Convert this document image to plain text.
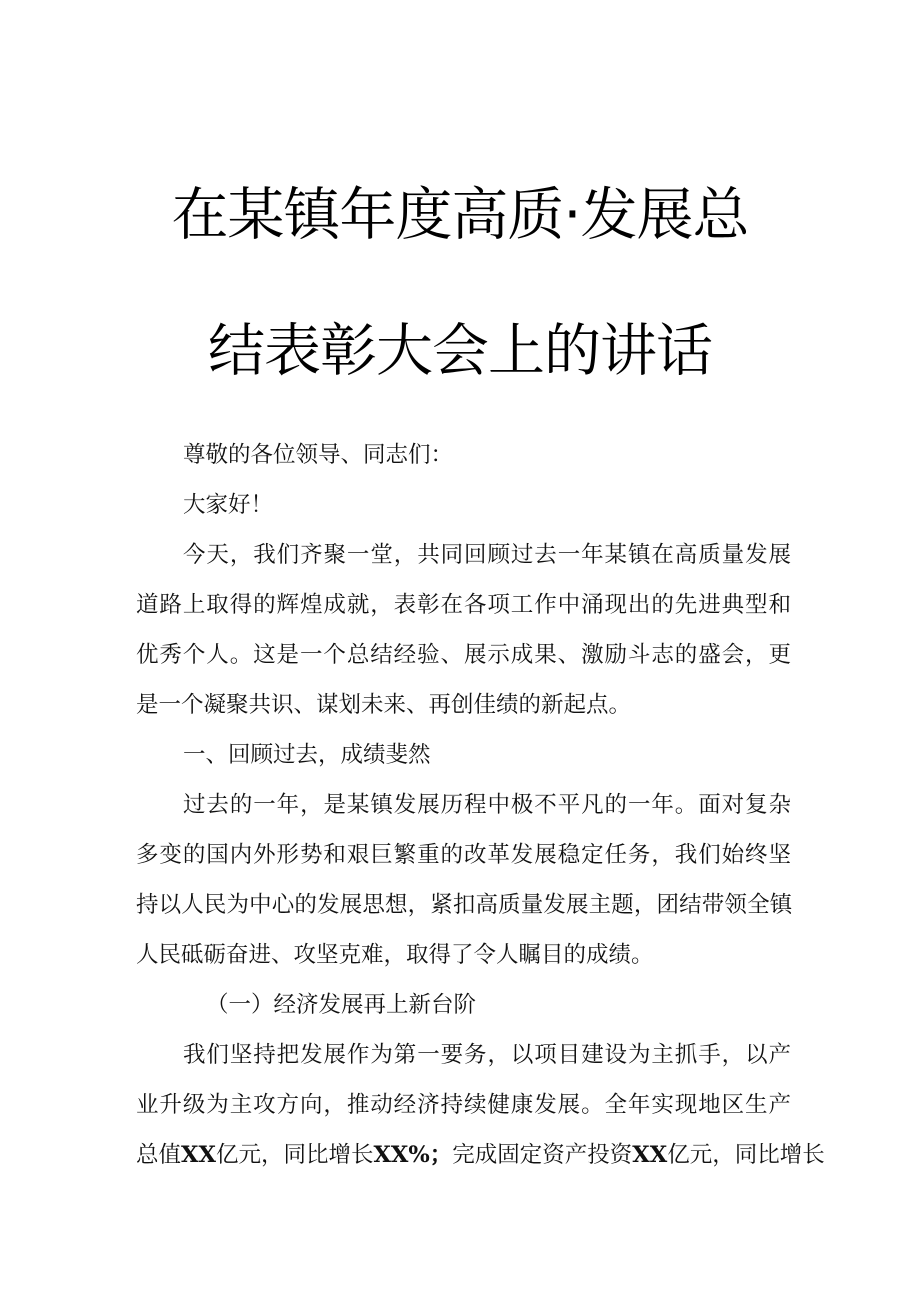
在某镇年度高质·发展总
结表彰大会上的讲话
尊敬的各位领导、同志们：
大家好！
今天，我们齐聚一堂，共同回顾过去一年某镇在高质量发展
道路上取得的辉煌成就，表彰在各项工作中涌现出的先进典型和
优秀个人。这是一个总结经验、展示成果、激励斗志的盛会，更
是一个凝聚共识、谋划未来、再创佳绩的新起点。
一、回顾过去，成绩斐然
过去的一年，是某镇发展历程中极不平凡的一年。面对复杂
多变的国内外形势和艰巨繁重的改革发展稳定任务，我们始终坚
持以人民为中心的发展思想，紧扣高质量发展主题，团结带领全镇
人民砥砺奋进、攻坚克难，取得了令人瞩目的成绩。
（一）经济发展再上新台阶
我们坚持把发展作为第一要务，以项目建设为主抓手，以产
业升级为主攻方向，推动经济持续健康发展。全年实现地区生产
总值XX亿元，同比增长XX%；完成固定资产投资XX亿元，同比增长
